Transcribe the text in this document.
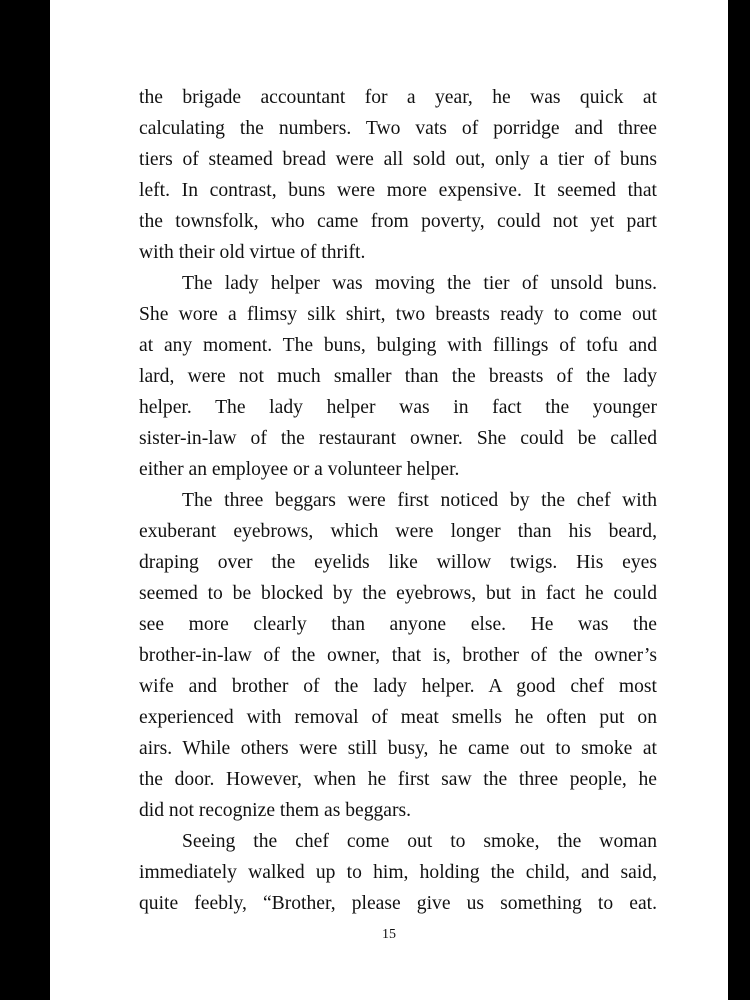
the brigade accountant for a year, he was quick at
calculating the numbers. Two vats of porridge and three
tiers of steamed bread were all sold out, only a tier of buns
left. In contrast, buns were more expensive. It seemed that
the townsfolk, who came from poverty, could not yet part
with their old virtue of thrift.
The lady helper was moving the tier of unsold buns.
She wore a flimsy silk shirt, two breasts ready to come out
at any moment. The buns, bulging with fillings of tofu and
lard, were not much smaller than the breasts of the lady
helper. The lady helper was in fact the younger
sister-in-law of the restaurant owner. She could be called
either an employee or a volunteer helper.
The three beggars were first noticed by the chef with
exuberant eyebrows, which were longer than his beard,
draping over the eyelids like willow twigs. His eyes
seemed to be blocked by the eyebrows, but in fact he could
see more clearly than anyone else. He was the
brother-in-law of the owner, that is, brother of the owner’s
wife and brother of the lady helper. A good chef most
experienced with removal of meat smells he often put on
airs. While others were still busy, he came out to smoke at
the door. However, when he first saw the three people, he
did not recognize them as beggars.
Seeing the chef come out to smoke, the woman
immediately walked up to him, holding the child, and said,
quite feebly, “Brother, please give us something to eat.
15
